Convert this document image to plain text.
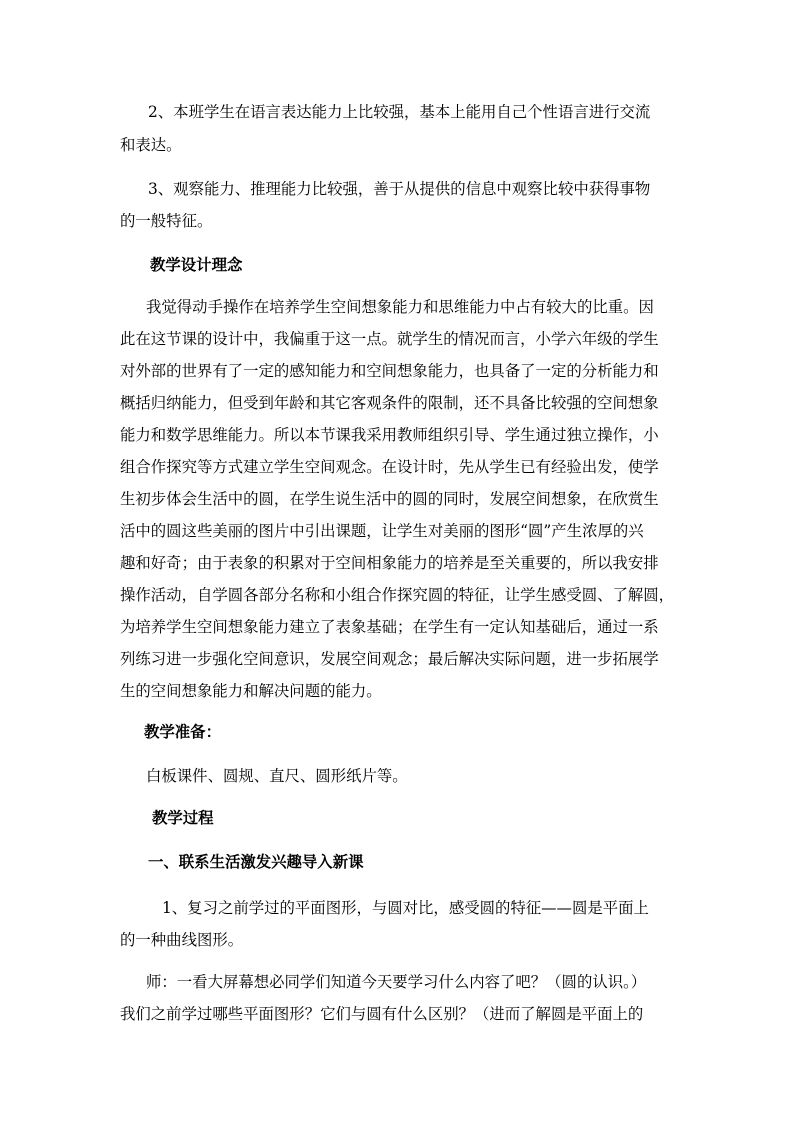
2、本班学生在语言表达能力上比较强，基本上能用自己个性语言进行交流
和表达。
3、观察能力、推理能力比较强，善于从提供的信息中观察比较中获得事物
的一般特征。
教学设计理念
我觉得动手操作在培养学生空间想象能力和思维能力中占有较大的比重。因
此在这节课的设计中，我偏重于这一点。就学生的情况而言，小学六年级的学生
对外部的世界有了一定的感知能力和空间想象能力，也具备了一定的分析能力和
概括归纳能力，但受到年龄和其它客观条件的限制，还不具备比较强的空间想象
能力和数学思维能力。所以本节课我采用教师组织引导、学生通过独立操作，小
组合作探究等方式建立学生空间观念。在设计时，先从学生已有经验出发，使学
生初步体会生活中的圆，在学生说生活中的圆的同时，发展空间想象，在欣赏生
活中的圆这些美丽的图片中引出课题，让学生对美丽的图形“圆”产生浓厚的兴
趣和好奇；由于表象的积累对于空间相象能力的培养是至关重要的，所以我安排
操作活动，自学圆各部分名称和小组合作探究圆的特征，让学生感受圆、了解圆，
为培养学生空间想象能力建立了表象基础；在学生有一定认知基础后，通过一系
列练习进一步强化空间意识，发展空间观念；最后解决实际问题，进一步拓展学
生的空间想象能力和解决问题的能力。
教学准备：
白板课件、圆规、直尺、圆形纸片等。
教学过程
一、联系生活激发兴趣导入新课
1、复习之前学过的平面图形，与圆对比，感受圆的特征——圆是平面上
的一种曲线图形。
师：一看大屏幕想必同学们知道今天要学习什么内容了吧？（圆的认识。）
我们之前学过哪些平面图形？它们与圆有什么区别？（进而了解圆是平面上的
